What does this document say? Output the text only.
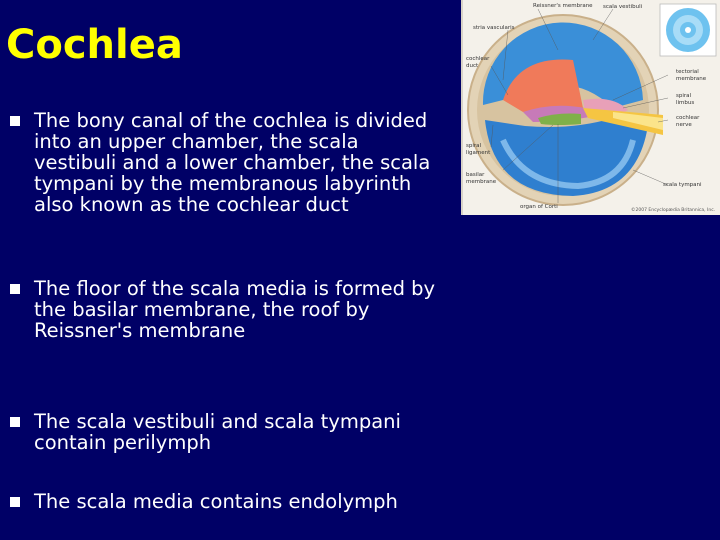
Cochlea
The bony canal of the cochlea is divided into an upper chamber, the scala vestibuli and a lower chamber, the scala tympani by the membranous labyrinth also known as the cochlear duct
The floor of the scala media is formed by the basilar membrane, the roof by Reissner's membrane
The scala vestibuli and scala tympani contain perilymph
The scala media contains endolymph
Reissner's membrane scala vestibuli
stria vascularis
cochlear
duct
tectorial
membrane
spiral
limbus
cochlear
nerve
spiral
ligament
basilar
membrane	scala tympani
organ of Corti
©2007 Encyclopædia Britannica, Inc.
